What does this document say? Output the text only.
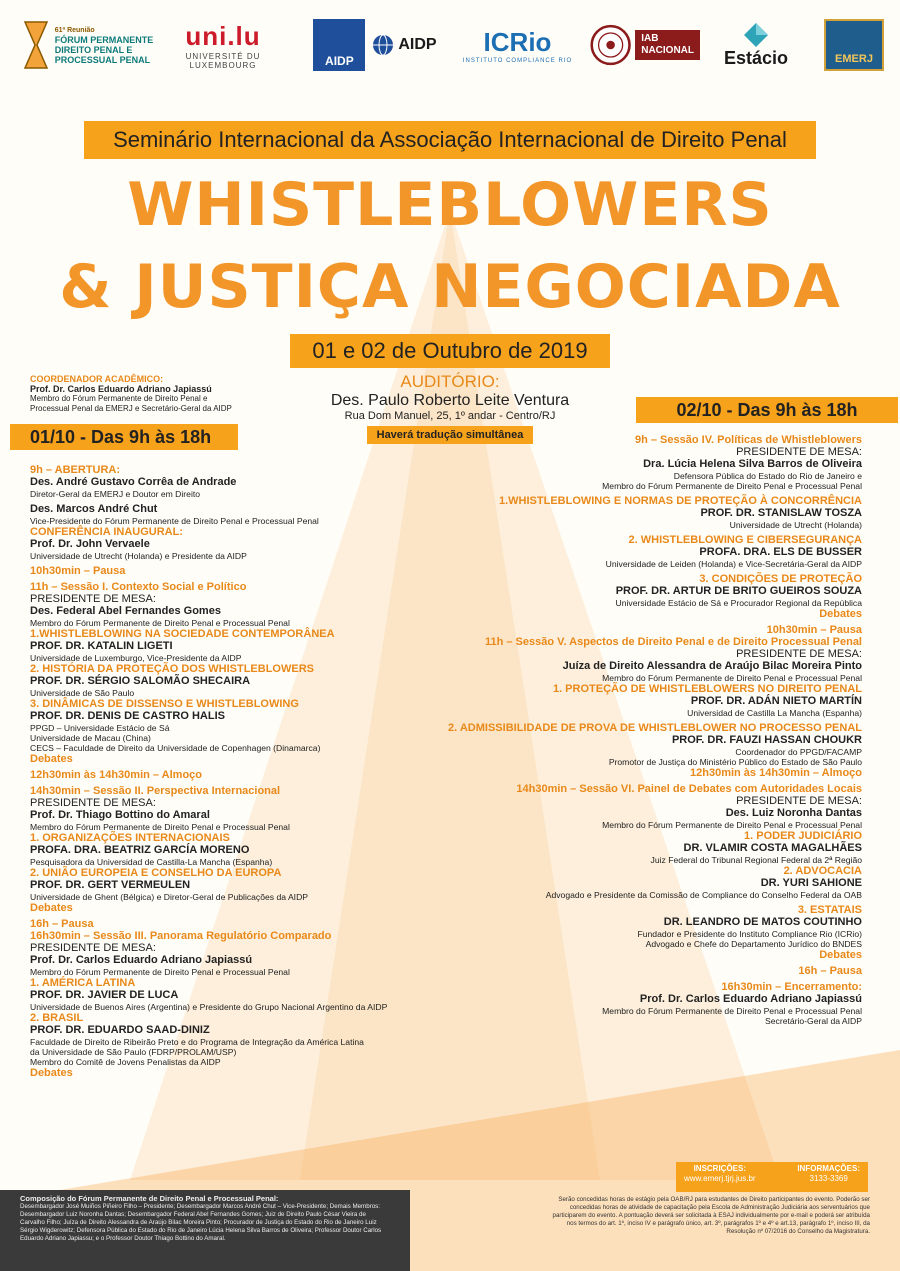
61ª Reunião
FÓRUM PERMANENTE
DIREITO PENAL E
PROCESSUAL PENAL
uni.lu
UNIVERSITÉ DU
LUXEMBOURG	AIDP
AIDP ICRio
INSTITUTO COMPLIANCE RIO
IAB
NACIONAL Estácio	EMERJ
Seminário Internacional da Associação Internacional de Direito Penal
WHISTLEBLOWERS
& JUSTIÇA NEGOCIADA
01 e 02 de Outubro de 2019
COORDENADOR ACADÊMICO:
Prof. Dr. Carlos Eduardo Adriano Japiassú
Membro do Fórum Permanente de Direito Penal e
Processual Penal da EMERJ e Secretário-Geral da AIDP
AUDITÓRIO:
Des. Paulo Roberto Leite Ventura
Rua Dom Manuel, 25, 1º andar - Centro/RJ
Haverá tradução simultânea
01/10 - Das 9h às 18h
02/10 - Das 9h às 18h
9h – ABERTURA:
Des. André Gustavo Corrêa de Andrade
Diretor-Geral da EMERJ e Doutor em Direito
Des. Marcos André Chut
Vice-Presidente do Fórum Permanente de Direito Penal e Processual Penal
CONFERÊNCIA INAUGURAL:
Prof. Dr. John Vervaele
Universidade de Utrecht (Holanda) e Presidente da AIDP
10h30min – Pausa
11h – Sessão I. Contexto Social e Político
PRESIDENTE DE MESA:
Des. Federal Abel Fernandes Gomes
Membro do Fórum Permanente de Direito Penal e Processual Penal
1.WHISTLEBLOWING NA SOCIEDADE CONTEMPORÂNEA
PROF. DR. KATALIN LIGETI
Universidade de Luxemburgo, Vice-Presidente da AIDP
2. HISTÓRIA DA PROTEÇÃO DOS WHISTLEBLOWERS
PROF. DR. SÉRGIO SALOMÃO SHECAIRA
Universidade de São Paulo
3. DINÂMICAS DE DISSENSO E WHISTLEBLOWING
PROF. DR. DENIS DE CASTRO HALIS
PPGD – Universidade Estácio de Sá
Universidade de Macau (China)
CECS – Faculdade de Direito da Universidade de Copenhagen (Dinamarca)
Debates
12h30min às 14h30min – Almoço
14h30min – Sessão II. Perspectiva Internacional
PRESIDENTE DE MESA:
Prof. Dr. Thiago Bottino do Amaral
Membro do Fórum Permanente de Direito Penal e Processual Penal
1. ORGANIZAÇÕES INTERNACIONAIS
PROFA. DRA. BEATRIZ GARCÍA MORENO
Pesquisadora da Universidad de Castilla-La Mancha (Espanha)
2. UNIÃO EUROPEIA E CONSELHO DA EUROPA
PROF. DR. GERT VERMEULEN
Universidade de Ghent (Bélgica) e Diretor-Geral de Publicações da AIDP
Debates
16h – Pausa
16h30min – Sessão III. Panorama Regulatório Comparado
PRESIDENTE DE MESA:
Prof. Dr. Carlos Eduardo Adriano Japiassú
Membro do Fórum Permanente de Direito Penal e Processual Penal
1. AMÉRICA LATINA
PROF. DR. JAVIER DE LUCA
Universidade de Buenos Aires (Argentina) e Presidente do Grupo Nacional Argentino da AIDP
2. BRASIL
PROF. DR. EDUARDO SAAD-DINIZ
Faculdade de Direito de Ribeirão Preto e do Programa de Integração da América Latina
da Universidade de São Paulo (FDRP/PROLAM/USP)
Membro do Comitê de Jovens Penalistas da AIDP
Debates
9h – Sessão IV. Políticas de Whistleblowers
PRESIDENTE DE MESA:
Dra. Lúcia Helena Silva Barros de Oliveira
Defensora Pública do Estado do Rio de Janeiro e
Membro do Fórum Permanente de Direito Penal e Processual Penal
1.WHISTLEBLOWING E NORMAS DE PROTEÇÃO À CONCORRÊNCIA
PROF. DR. STANISLAW TOSZA
Universidade de Utrecht (Holanda)
2. WHISTLEBLOWING E CIBERSEGURANÇA
PROFA. DRA. ELS DE BUSSER
Universidade de Leiden (Holanda) e Vice-Secretária-Geral da AIDP
3. CONDIÇÕES DE PROTEÇÃO
PROF. DR. ARTUR DE BRITO GUEIROS SOUZA
Universidade Estácio de Sá e Procurador Regional da República
Debates
10h30min – Pausa
11h – Sessão V. Aspectos de Direito Penal e de Direito Processual Penal
PRESIDENTE DE MESA:
Juíza de Direito Alessandra de Araújo Bilac Moreira Pinto
Membro do Fórum Permanente de Direito Penal e Processual Penal
1. PROTEÇÃO DE WHISTLEBLOWERS NO DIREITO PENAL
PROF. DR. ADÁN NIETO MARTÍN
Universidad de Castilla La Mancha (Espanha)
2. ADMISSIBILIDADE DE PROVA DE WHISTLEBLOWER NO PROCESSO PENAL
PROF. DR. FAUZI HASSAN CHOUKR
Coordenador do PPGD/FACAMP
Promotor de Justiça do Ministério Público do Estado de São Paulo
12h30min às 14h30min – Almoço
14h30min – Sessão VI. Painel de Debates com Autoridades Locais
PRESIDENTE DE MESA:
Des. Luiz Noronha Dantas
Membro do Fórum Permanente de Direito Penal e Processual Penal
1. PODER JUDICIÁRIO
DR. VLAMIR COSTA MAGALHÃES
Juiz Federal do Tribunal Regional Federal da 2ª Região
2. ADVOCACIA
DR. YURI SAHIONE
Advogado e Presidente da Comissão de Compliance do Conselho Federal da OAB
3. ESTATAIS
DR. LEANDRO DE MATOS COUTINHO
Fundador e Presidente do Instituto Compliance Rio (ICRio)
Advogado e Chefe do Departamento Jurídico do BNDES
Debates
16h – Pausa
16h30min – Encerramento:
Prof. Dr. Carlos Eduardo Adriano Japiassú
Membro do Fórum Permanente de Direito Penal e Processual Penal
Secretário-Geral da AIDP
INSCRIÇÕES:
www.emerj.tjrj.jus.br
INFORMAÇÕES:
3133-3369
Composição do Fórum Permanente de Direito Penal e Processual Penal:
Desembargador José Muiños Piñeiro Filho – Presidente; Desembargador Marcos André Chut – Vice-Presidente; Demais Membros: Desembargador Luiz Noronha Dantas; Desembargador Federal Abel Fernandes Gomes; Juiz de Direito Paulo César Vieira de Carvalho Filho; Juíza de Direito Alessandra de Araújo Bilac Moreira Pinto; Procurador de Justiça do Estado do Rio de Janeiro Luiz Sérgio Wigderowitz; Defensora Pública do Estado do Rio de Janeiro Lúcia Helena Silva Barros de Oliveira; Professor Doutor Carlos Eduardo Adriano Japiassu; e o Professor Doutor Thiago Bottino do Amaral.
Serão concedidas horas de estágio pela OAB/RJ para estudantes de Direito participantes do evento. Poderão ser concedidas horas de atividade de capacitação pela Escola de Administração Judiciária aos serventuários que participarem do evento. A pontuação deverá ser solicitada à ESAJ individualmente por e-mail e poderá ser atribuída nos termos do art. 1º, inciso IV e parágrafo único, art. 3º, parágrafos 1º e 4º e art.13, parágrafo 1º, inciso III, da Resolução nº 07/2016 do Conselho da Magistratura.
